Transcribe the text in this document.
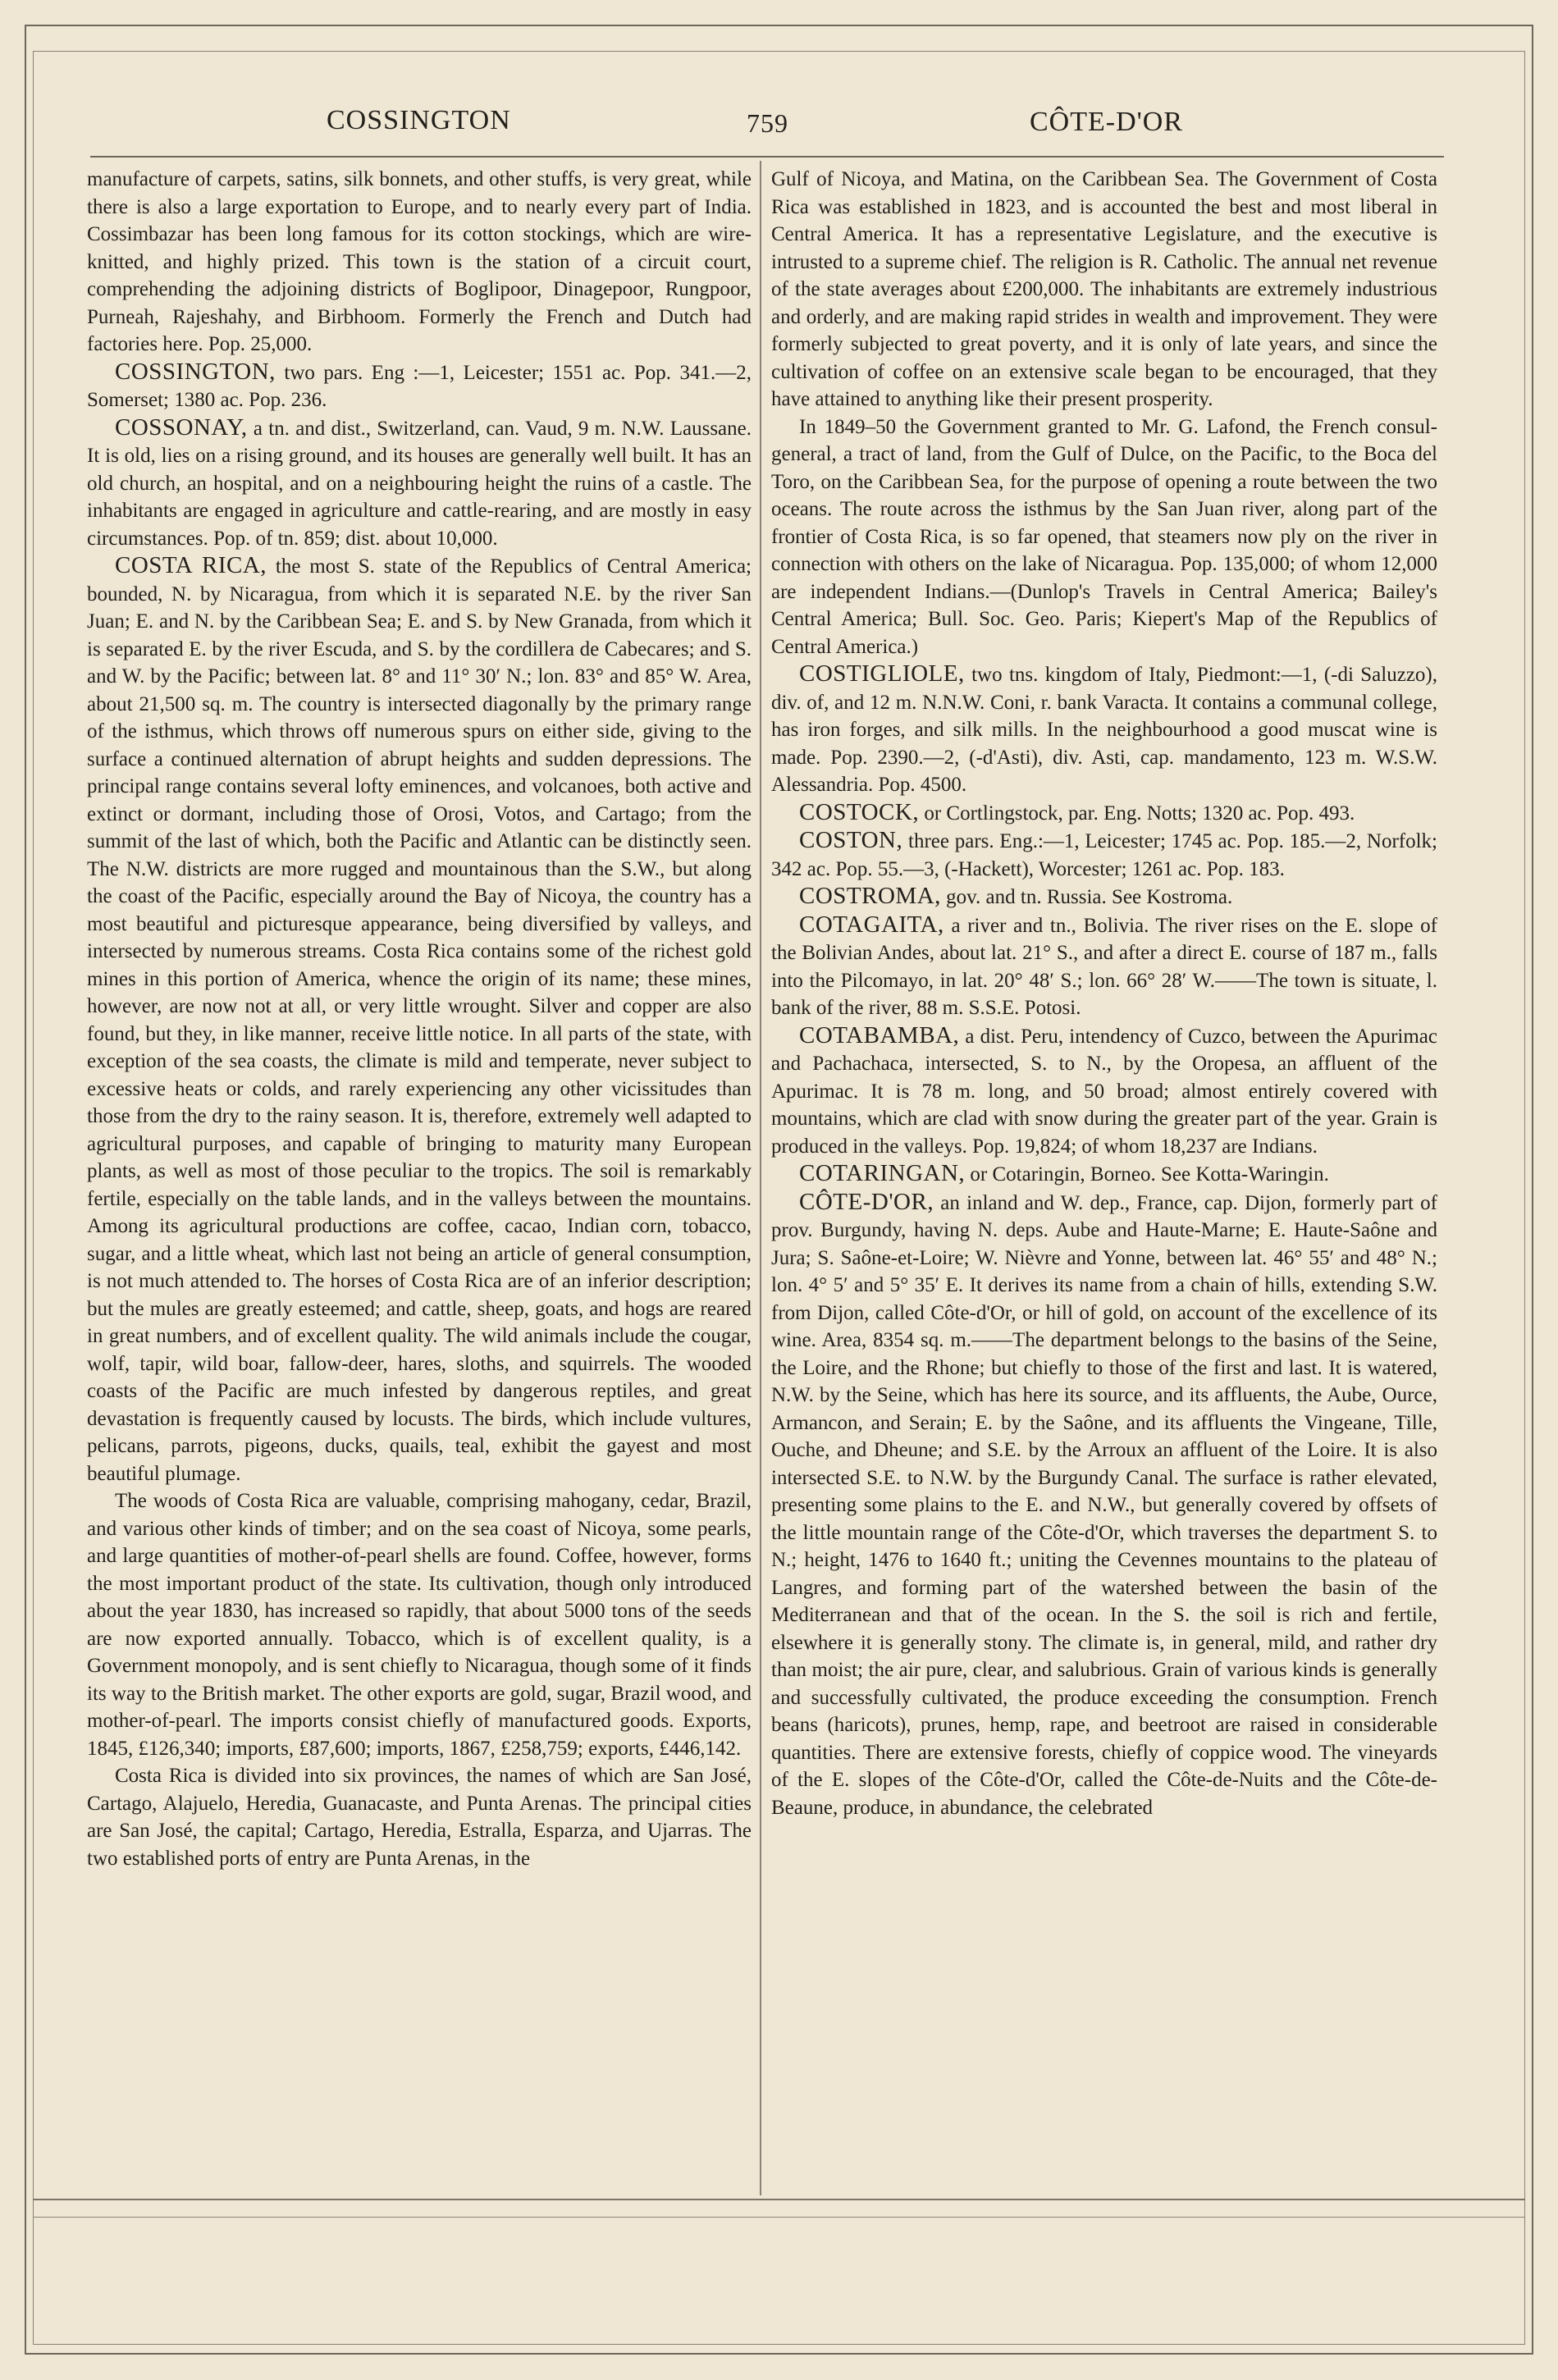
COSSINGTON	759	CÔTE-D'OR

manufacture of carpets, satins, silk bonnets, and other stuffs, is very great, while there is also a large exportation to Europe, and to nearly every part of India. Cossimbazar has been long famous for its cotton stockings, which are wire-knitted, and highly prized. This town is the station of a circuit court, comprehending the adjoining districts of Boglipoor, Dinagepoor, Rungpoor, Purneah, Rajeshahy, and Birbhoom. Formerly the French and Dutch had factories here. Pop. 25,000.

COSSINGTON, two pars. Eng :—1, Leicester; 1551 ac. Pop. 341.—2, Somerset; 1380 ac. Pop. 236.

COSSONAY, a tn. and dist., Switzerland, can. Vaud, 9 m. N.W. Laussane. It is old, lies on a rising ground, and its houses are generally well built. It has an old church, an hospital, and on a neighbouring height the ruins of a castle. The inhabitants are engaged in agriculture and cattle-rearing, and are mostly in easy circumstances. Pop. of tn. 859; dist. about 10,000.

COSTA RICA, the most S. state of the Republics of Central America; bounded, N. by Nicaragua, from which it is separated N.E. by the river San Juan; E. and N. by the Caribbean Sea; E. and S. by New Granada, from which it is separated E. by the river Escuda, and S. by the cordillera de Cabecares; and S. and W. by the Pacific; between lat. 8° and 11° 30′ N.; lon. 83° and 85° W. Area, about 21,500 sq. m. The country is intersected diagonally by the primary range of the isthmus, which throws off numerous spurs on either side, giving to the surface a continued alternation of abrupt heights and sudden depressions. The principal range contains several lofty eminences, and volcanoes, both active and extinct or dormant, including those of Orosi, Votos, and Cartago; from the summit of the last of which, both the Pacific and Atlantic can be distinctly seen. The N.W. districts are more rugged and mountainous than the S.W., but along the coast of the Pacific, especially around the Bay of Nicoya, the country has a most beautiful and picturesque appearance, being diversified by valleys, and intersected by numerous streams. Costa Rica contains some of the richest gold mines in this portion of America, whence the origin of its name; these mines, however, are now not at all, or very little wrought. Silver and copper are also found, but they, in like manner, receive little notice. In all parts of the state, with exception of the sea coasts, the climate is mild and temperate, never subject to excessive heats or colds, and rarely experiencing any other vicissitudes than those from the dry to the rainy season. It is, therefore, extremely well adapted to agricultural purposes, and capable of bringing to maturity many European plants, as well as most of those peculiar to the tropics. The soil is remarkably fertile, especially on the table lands, and in the valleys between the mountains. Among its agricultural productions are coffee, cacao, Indian corn, tobacco, sugar, and a little wheat, which last not being an article of general consumption, is not much attended to. The horses of Costa Rica are of an inferior description; but the mules are greatly esteemed; and cattle, sheep, goats, and hogs are reared in great numbers, and of excellent quality. The wild animals include the cougar, wolf, tapir, wild boar, fallow-deer, hares, sloths, and squirrels. The wooded coasts of the Pacific are much infested by dangerous reptiles, and great devastation is frequently caused by locusts. The birds, which include vultures, pelicans, parrots, pigeons, ducks, quails, teal, exhibit the gayest and most beautiful plumage.

The woods of Costa Rica are valuable, comprising mahogany, cedar, Brazil, and various other kinds of timber; and on the sea coast of Nicoya, some pearls, and large quantities of mother-of-pearl shells are found. Coffee, however, forms the most important product of the state. Its cultivation, though only introduced about the year 1830, has increased so rapidly, that about 5000 tons of the seeds are now exported annually. Tobacco, which is of excellent quality, is a Government monopoly, and is sent chiefly to Nicaragua, though some of it finds its way to the British market. The other exports are gold, sugar, Brazil wood, and mother-of-pearl. The imports consist chiefly of manufactured goods. Exports, 1845, £126,340; imports, £87,600; imports, 1867, £258,759; exports, £446,142.

Costa Rica is divided into six provinces, the names of which are San José, Cartago, Alajuelo, Heredia, Guanacaste, and Punta Arenas. The principal cities are San José, the capital; Cartago, Heredia, Estralla, Esparza, and Ujarras. The two established ports of entry are Punta Arenas, in the

Gulf of Nicoya, and Matina, on the Caribbean Sea. The Government of Costa Rica was established in 1823, and is accounted the best and most liberal in Central America. It has a representative Legislature, and the executive is intrusted to a supreme chief. The religion is R. Catholic. The annual net revenue of the state averages about £200,000. The inhabitants are extremely industrious and orderly, and are making rapid strides in wealth and improvement. They were formerly subjected to great poverty, and it is only of late years, and since the cultivation of coffee on an extensive scale began to be encouraged, that they have attained to anything like their present prosperity.

In 1849–50 the Government granted to Mr. G. Lafond, the French consul-general, a tract of land, from the Gulf of Dulce, on the Pacific, to the Boca del Toro, on the Caribbean Sea, for the purpose of opening a route between the two oceans. The route across the isthmus by the San Juan river, along part of the frontier of Costa Rica, is so far opened, that steamers now ply on the river in connection with others on the lake of Nicaragua. Pop. 135,000; of whom 12,000 are independent Indians.—(Dunlop's Travels in Central America; Bailey's Central America; Bull. Soc. Geo. Paris; Kiepert's Map of the Republics of Central America.)

COSTIGLIOLE, two tns. kingdom of Italy, Piedmont:—1, (-di Saluzzo), div. of, and 12 m. N.N.W. Coni, r. bank Varacta. It contains a communal college, has iron forges, and silk mills. In the neighbourhood a good muscat wine is made. Pop. 2390.—2, (-d'Asti), div. Asti, cap. mandamento, 123 m. W.S.W. Alessandria. Pop. 4500.

COSTOCK, or Cortlingstock, par. Eng. Notts; 1320 ac. Pop. 493.

COSTON, three pars. Eng.:—1, Leicester; 1745 ac. Pop. 185.—2, Norfolk; 342 ac. Pop. 55.—3, (-Hackett), Worcester; 1261 ac. Pop. 183.

COSTROMA, gov. and tn. Russia. See Kostroma.

COTAGAITA, a river and tn., Bolivia. The river rises on the E. slope of the Bolivian Andes, about lat. 21° S., and after a direct E. course of 187 m., falls into the Pilcomayo, in lat. 20° 48′ S.; lon. 66° 28′ W.——The town is situate, l. bank of the river, 88 m. S.S.E. Potosi.

COTABAMBA, a dist. Peru, intendency of Cuzco, between the Apurimac and Pachachaca, intersected, S. to N., by the Oropesa, an affluent of the Apurimac. It is 78 m. long, and 50 broad; almost entirely covered with mountains, which are clad with snow during the greater part of the year. Grain is produced in the valleys. Pop. 19,824; of whom 18,237 are Indians.

COTARINGAN, or Cotaringin, Borneo. See Kotta-Waringin.

CÔTE-D'OR, an inland and W. dep., France, cap. Dijon, formerly part of prov. Burgundy, having N. deps. Aube and Haute-Marne; E. Haute-Saône and Jura; S. Saône-et-Loire; W. Nièvre and Yonne, between lat. 46° 55′ and 48° N.; lon. 4° 5′ and 5° 35′ E. It derives its name from a chain of hills, extending S.W. from Dijon, called Côte-d'Or, or hill of gold, on account of the excellence of its wine. Area, 8354 sq. m.——The department belongs to the basins of the Seine, the Loire, and the Rhone; but chiefly to those of the first and last. It is watered, N.W. by the Seine, which has here its source, and its affluents, the Aube, Ource, Armancon, and Serain; E. by the Saône, and its affluents the Vingeane, Tille, Ouche, and Dheune; and S.E. by the Arroux an affluent of the Loire. It is also intersected S.E. to N.W. by the Burgundy Canal. The surface is rather elevated, presenting some plains to the E. and N.W., but generally covered by offsets of the little mountain range of the Côte-d'Or, which traverses the department S. to N.; height, 1476 to 1640 ft.; uniting the Cevennes mountains to the plateau of Langres, and forming part of the watershed between the basin of the Mediterranean and that of the ocean. In the S. the soil is rich and fertile, elsewhere it is generally stony. The climate is, in general, mild, and rather dry than moist; the air pure, clear, and salubrious. Grain of various kinds is generally and successfully cultivated, the produce exceeding the consumption. French beans (haricots), prunes, hemp, rape, and beetroot are raised in considerable quantities. There are extensive forests, chiefly of coppice wood. The vineyards of the E. slopes of the Côte-d'Or, called the Côte-de-Nuits and the Côte-de-Beaune, produce, in abundance, the celebrated
